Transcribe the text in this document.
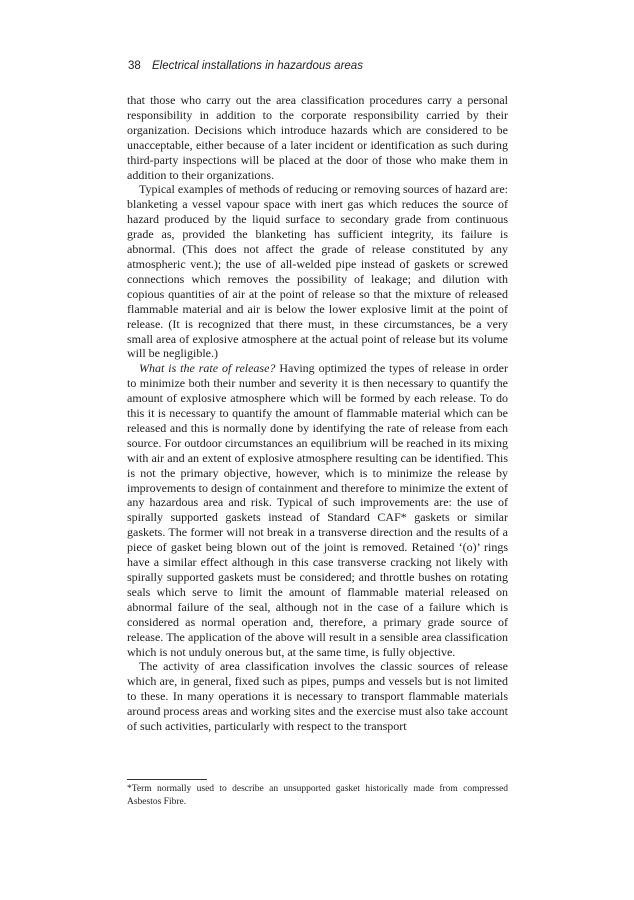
38 Electrical installations in hazardous areas

that those who carry out the area classification procedures carry a personal responsibility in addition to the corporate responsibility carried by their organization. Decisions which introduce hazards which are considered to be unacceptable, either because of a later incident or identification as such during third-party inspections will be placed at the door of those who make them in addition to their organizations.

Typical examples of methods of reducing or removing sources of hazard are: blanketing a vessel vapour space with inert gas which reduces the source of hazard produced by the liquid surface to secondary grade from continuous grade as, provided the blanketing has sufficient integrity, its failure is abnormal. (This does not affect the grade of release constituted by any atmospheric vent.); the use of all-welded pipe instead of gaskets or screwed connections which removes the possibility of leakage; and dilution with copious quantities of air at the point of release so that the mixture of released flammable material and air is below the lower explosive limit at the point of release. (It is recognized that there must, in these circumstances, be a very small area of explosive atmosphere at the actual point of release but its volume will be negligible.)

What is the rate of release? Having optimized the types of release in order to minimize both their number and severity it is then necessary to quantify the amount of explosive atmosphere which will be formed by each release. To do this it is necessary to quantify the amount of flammable material which can be released and this is normally done by identifying the rate of release from each source. For outdoor circumstances an equilibrium will be reached in its mixing with air and an extent of explosive atmosphere resulting can be identified. This is not the primary objective, however, which is to minimize the release by improvements to design of containment and therefore to minimize the extent of any hazardous area and risk. Typical of such improvements are: the use of spirally supported gaskets instead of Standard CAF* gaskets or similar gaskets. The former will not break in a transverse direction and the results of a piece of gasket being blown out of the joint is removed. Retained ‘(o)’ rings have a similar effect although in this case transverse cracking not likely with spirally supported gaskets must be considered; and throttle bushes on rotating seals which serve to limit the amount of flammable material released on abnormal failure of the seal, although not in the case of a failure which is considered as normal operation and, therefore, a primary grade source of release. The application of the above will result in a sensible area classification which is not unduly onerous but, at the same time, is fully objective.

The activity of area classification involves the classic sources of release which are, in general, fixed such as pipes, pumps and vessels but is not limited to these. In many operations it is necessary to transport flammable materials around process areas and working sites and the exercise must also take account of such activities, particularly with respect to the transport

*Term normally used to describe an unsupported gasket historically made from compressed Asbestos Fibre.
